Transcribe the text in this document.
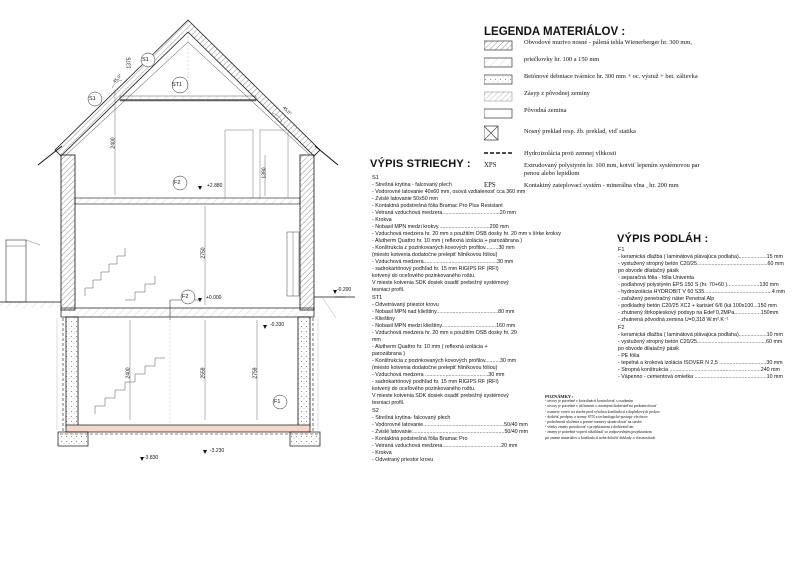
S1
S1
ST1
F2
F2
F1
45,0°
45,0°
+2.880
+0.000
-0.200
-0.330
-3.830
-3.230
2400
2750
2400	2559	2759
1390
1375
LEGENDA MATERIÁLOV :
Obvodové murivo nosné - pálená tehla Wienerberger hr. 300 mm,
priečkovky hr. 100 a 150 mm
Betónové debniace tvárnice hr. 300 mm + oc. výstuž + bet. zálievka
Zásyp z pôvodnej zeminy
Pôvodná zemina
Nosný preklad resp. žb. preklad, viď statika
Hydroizolácia proti zemnej vlhkosti
XPS	Extrudovaný polystyrén hr. 100 mm, kotviť lepením systémovou par
penou alebo lepidlom
EPS	Kontaktný zateplovací systém - minerálna vlna , hr. 200 mm
VÝPIS STRIECHY :
S1
- Strešná krytina - falcovaný plech
- Vodorovné latovanie 40x60 mm, osová vzdialenosť cca 360 mm
- Zvislé latovanie 50x50 mm
- Kontaktná podstrešná fólia Bramac Pro Plus Resistant
- Vetraná vzduchová medzera.......................................20 mm
- Krokva
- Nobasil MPN medzi krokvy...................................200 mm
- Vzduchová medzera hr. 20 mm s použitím OSB dosky hr. 20 mm v šírke krokvy
- Alutherm Quattro hr. 10 mm ( reflexná izolácia + parozábrana )
- Konštrukcia z pozinkovaných kovových profilov.........30 mm
(miesto kotvenia dodatočne prelepiť hliníkovou fóliou)
- Vzduchová medzera..................................................30 mm
- sadrokartónový podhľad hr. 15 mm RIGIPS RF (RFI)
kotvený do oceľového pozinkovaného roštu.
V mieste kotvenia SDK dosiek osadiť prebežný systémový
tesniaci profil.
ST1
- Odvetrávaný priestor krovu
- Nobasil MPN nad klieštiny..........................................80 mm
- Klieštiny
- Nobasil MPN medzi klieštiny.....................................160 mm
- Vzduchová medzera hr. 20 mm s použitím OSB dosky hr. 20
mm
- Alutherm Quattro hr. 10 mm ( reflexná izolácia +
parozábrana )
- Konštrukcia z pozinkovaných kovových profilov..........30 mm
(miesto kotvenia dodatočne prelepiť hliníkovou fóliou)
- Vzduchová medzera ...........................................30 mm
- sadrokartónový podhľad hr. 15 mm RIGIPS RF (RFI)
kotvený do oceľového pozinkovaného roštu.
V mieste kotvenia SDK dosiek osadiť prebežný systémový
tesniaci profil.
S2
- Strešná krytina- falcovaný plech
- Vodorovné latovanie.......................................................50/40 mm
- Zvislé latovanie...............................................................50/40 mm
- Kontaktná podstrešná fólia Bramac Pro
- Vetraná vzduchová medzera........................................20 mm
- Krokva
- Odvetraný priestor krovu
VÝPIS PODLÁH :
F1
- keramická dlažba ( laminátová plávajúca podlaha)...................15 mm
- vystužený stropný betón C20/25................................................60 mm
po obvode dilatačný pásik
- separačná fólia - fólia Univenta
- podlahový polystyrén EPS 150 S (hr. 70+60 )......................130 mm
- hydroizolácia HYDROBIT V 60 S35..............................................4 mm
- zaťažený penetračný náter Penetral Alp
- podkladný betón C20/25 XC2 + karisieť 6/6 (ká 100x100...150 mm
- zhutnený štrkopieskový podsyp na Edef 0,2MPa..................150mm
- zhutnená pôvodná zemina U=0,318 W.m².K⁻¹
F2
- keramická dlažba ( laminátová plávajúca podlaha)...................10 mm
- vystužený stropný betón C20/25...............................................60 mm
po obvode dilatačný pásik
- PE fólia
- tepelná a kroková izolácia ISOVER N 2,5 ................................30 mm
- Stropná konštrukcia ..............................................................240 mm
- Vápenno - cementová omietka .................................................10 mm
POZNÁMKY :
- otvory je potrebné v koordinácii kontrolovať s osadením
- otvory je potrebné v súčinnosti s ostatnými dodávateľmi prekontrolovať
- rozmery overiť na stavbe pred výrobou konštrukcií a doplnkových prvkov
- dodržať predpisy a normy STN a technologické postupy výrobcov
- podrobnosti uloženia a presné rozmery skontrolovať na stavbe
- všetky zmeny prerokovať s projektantom a dodávateľom
- zmeny je potrebné vopred odsúhlasiť so zodpovedným projektantom
pri zmene materiálov a konštrukcií treba doložiť doklady o vlastnostiach
